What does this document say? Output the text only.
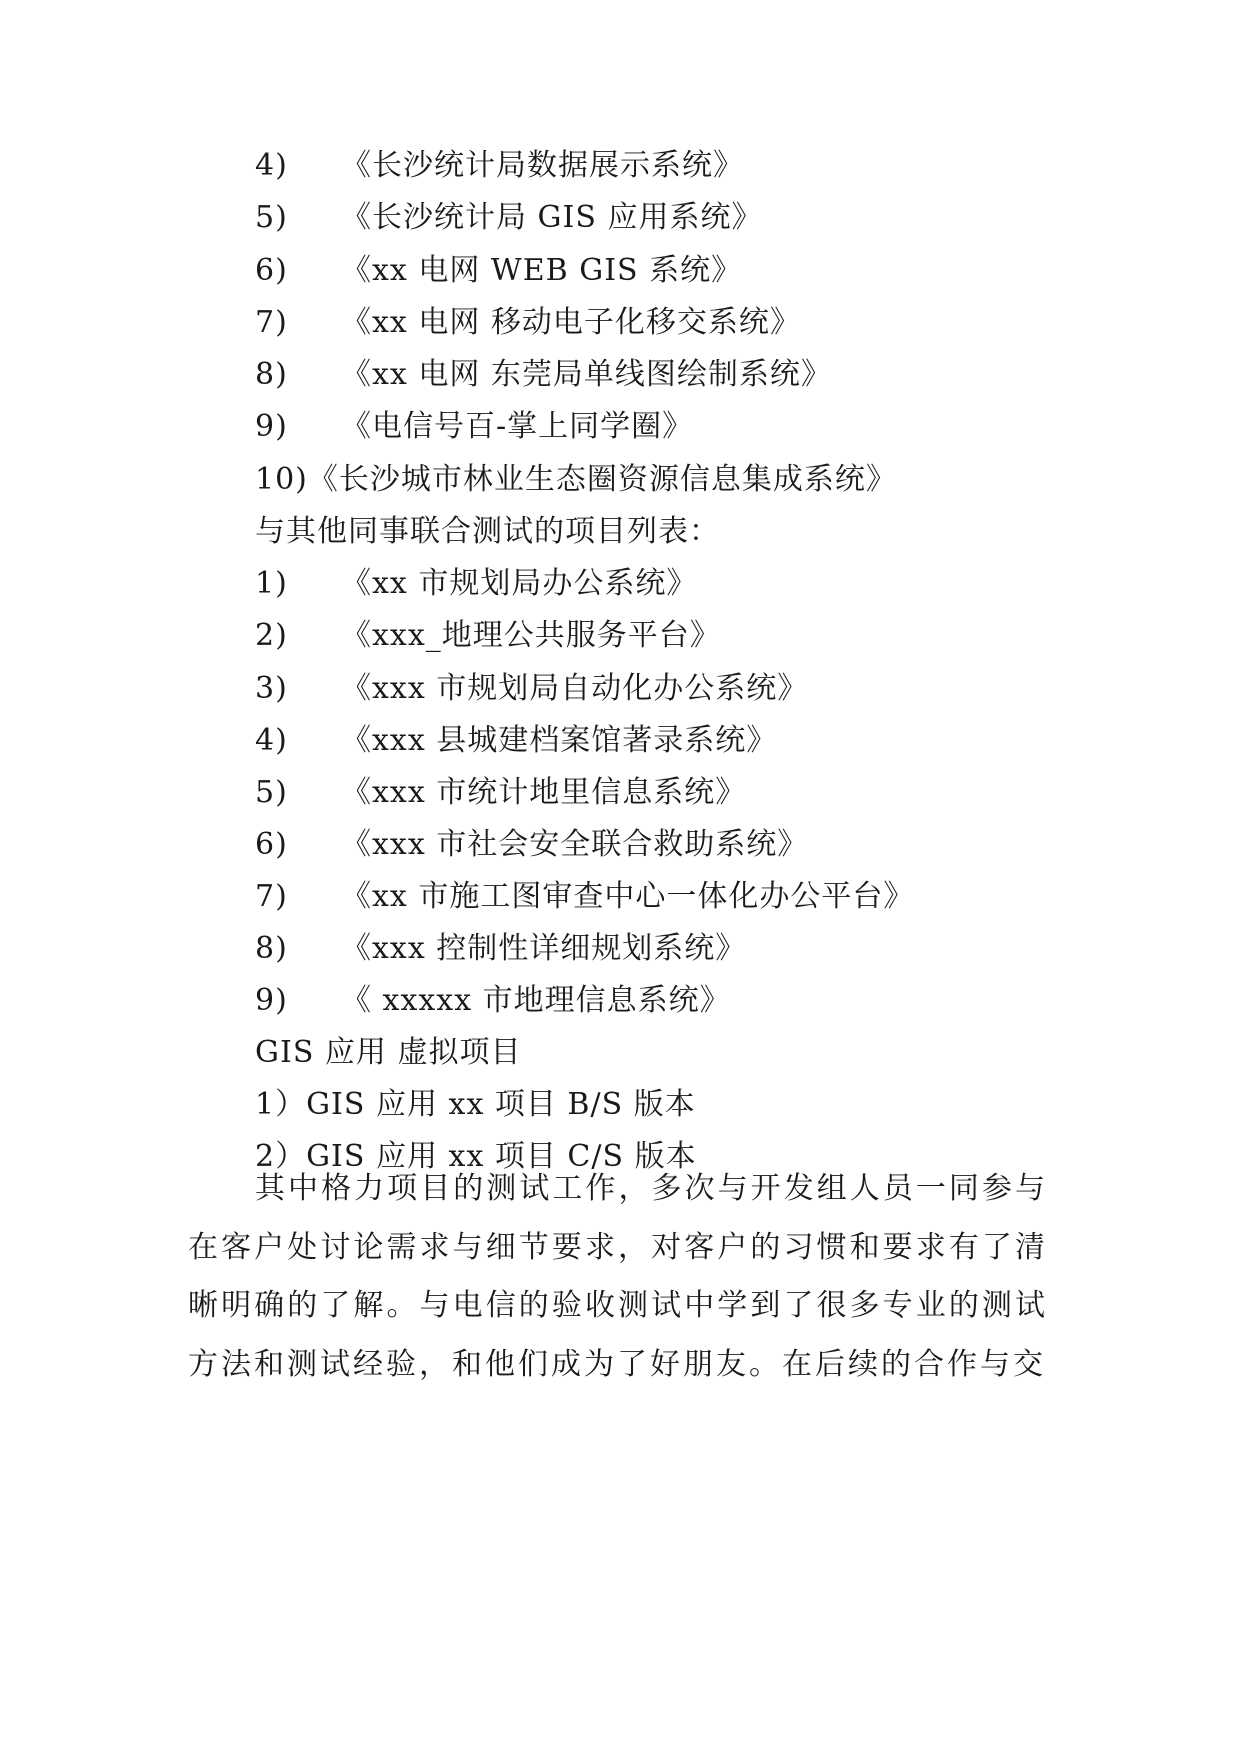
4) 《长沙统计局数据展示系统》
5) 《长沙统计局 GIS 应用系统》
6) 《xx 电网 WEB GIS 系统》
7) 《xx 电网 移动电子化移交系统》
8) 《xx 电网 东莞局单线图绘制系统》
9) 《电信号百-掌上同学圈》
10)《长沙城市林业生态圈资源信息集成系统》
与其他同事联合测试的项目列表：
1) 《xx 市规划局办公系统》
2) 《xxx_地理公共服务平台》
3) 《xxx 市规划局自动化办公系统》
4) 《xxx 县城建档案馆著录系统》
5) 《xxx 市统计地里信息系统》
6) 《xxx 市社会安全联合救助系统》
7) 《xx 市施工图审查中心一体化办公平台》
8) 《xxx 控制性详细规划系统》
9) 《 xxxxx 市地理信息系统》
GIS 应用 虚拟项目
1）GIS 应用 xx 项目 B/S 版本
2）GIS 应用 xx 项目 C/S 版本

其中格力项目的测试工作，多次与开发组人员一同参与在客户处讨论需求与细节要求，对客户的习惯和要求有了清晰明确的了解。与电信的验收测试中学到了很多专业的测试方法和测试经验，和他们成为了好朋友。在后续的合作与交
